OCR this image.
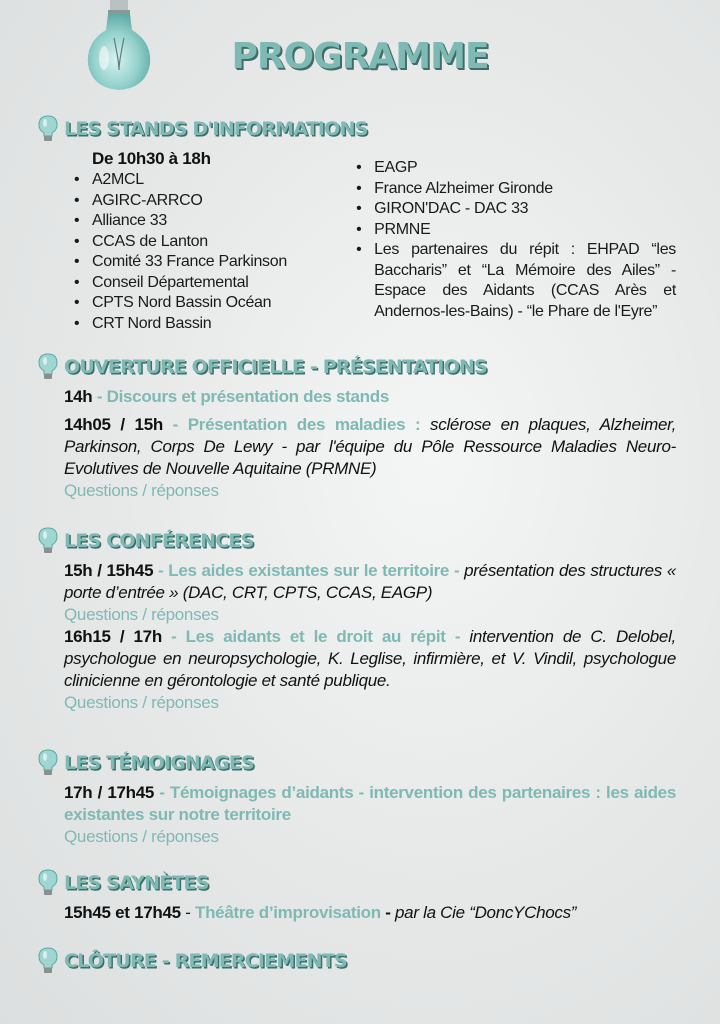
PROGRAMME
LES STANDS D'INFORMATIONS
De 10h30 à 18h
• A2MCL
• AGIRC-ARRCO
• Alliance 33
• CCAS de Lanton
• Comité 33 France Parkinson
• Conseil Départemental
• CPTS Nord Bassin Océan
• CRT Nord Bassin
• EAGP
• France Alzheimer Gironde
• GIRON'DAC - DAC 33
• PRMNE
• Les partenaires du répit : EHPAD “les Baccharis” et “La Mémoire des Ailes” - Espace des Aidants (CCAS Arès et Andernos-les-Bains) - “le Phare de l'Eyre”
OUVERTURE OFFICIELLE - PRÉSENTATIONS

14h - Discours et présentation des stands

14h05 / 15h - Présentation des maladies : sclérose en plaques, Alzheimer, Parkinson, Corps De Lewy - par l'équipe du Pôle Ressource Maladies Neuro-Evolutives de Nouvelle Aquitaine (PRMNE)

Questions / réponses
LES CONFÉRENCES

15h / 15h45 - Les aides existantes sur le territoire - présentation des structures « porte d’entrée » (DAC, CRT, CPTS, CCAS, EAGP)

Questions / réponses

16h15 / 17h - Les aidants et le droit au répit - intervention de C. Delobel, psychologue en neuropsychologie, K. Leglise, infirmière, et V. Vindil, psychologue clinicienne en gérontologie et santé publique.

Questions / réponses
LES TÉMOIGNAGES

17h / 17h45 - Témoignages d’aidants - intervention des partenaires : les aides existantes sur notre territoire

Questions / réponses
LES SAYNÈTES

15h45 et 17h45 - Théâtre d’improvisation - par la Cie “DoncYChocs”

CLÔTURE - REMERCIEMENTS
